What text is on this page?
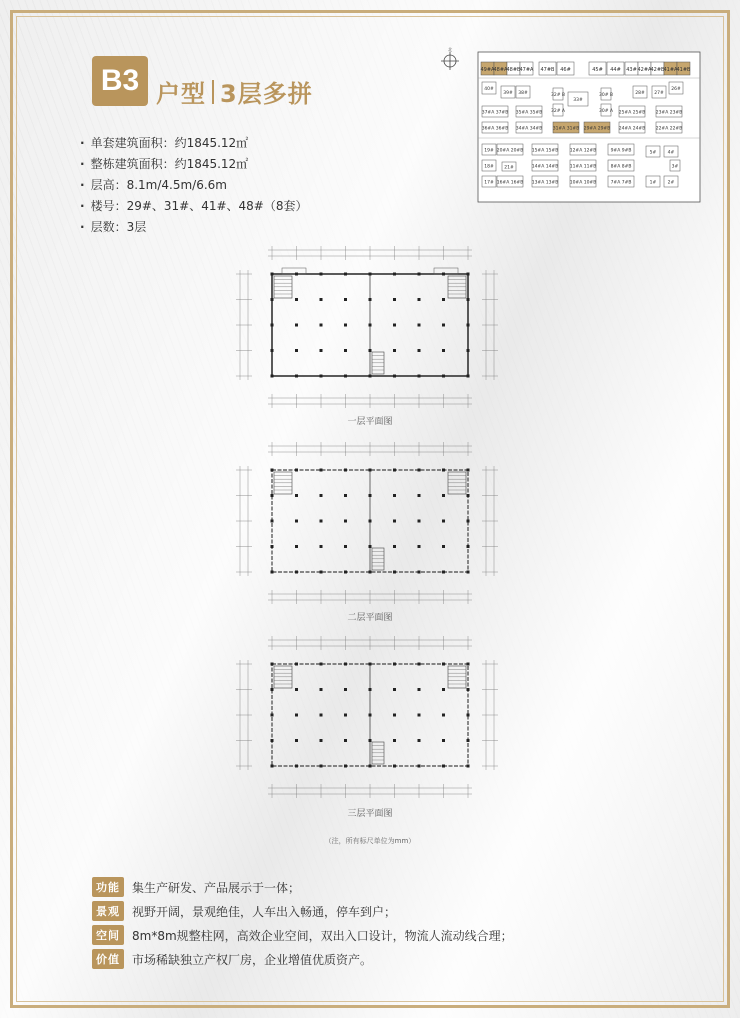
B3 户型 3层多拼
· 单套建筑面积：约1845.12㎡
· 整栋建筑面积：约1845.12㎡
· 层高：8.1m/4.5m/6.6m
· 楼号：29#、31#、41#、48#（8套）
· 层数：3层
北
49#A 48#A 48#B 47#A 47#B 46#	45# 44# 43# 42#A 42#B 41#A 41#B
40#
39# 38#	32# B
33#
30# B	28# 27#
26#
32# A	30# A
37#A 37#B 35#A 35#B	25#A 25#B 23#A 23#B
36#A 36#B 34#A 34#B 31#A 31#B 29#A 29#B 24#A 24#B 22#A 22#B
19# 20#A 20#B 15#A 15#B	12#A 12#B	9#A 9#B	5#	4#
18# 21#	14#A 14#B	11#A 11#B	8#A 8#B	3#
17# 16#A 16#B 13#A 13#B	10#A 10#B	7#A 7#B	1#	2#
一层平面图
二层平面图
三层平面图
（注，所有标尺单位为mm）
功能	集生产研发、产品展示于一体；
景观	视野开阔，景观绝佳，人车出入畅通，停车到户；
空间	8m*8m规整柱网，高效企业空间，双出入口设计，物流人流动线合理；
价值	市场稀缺独立产权厂房，企业增值优质资产。
